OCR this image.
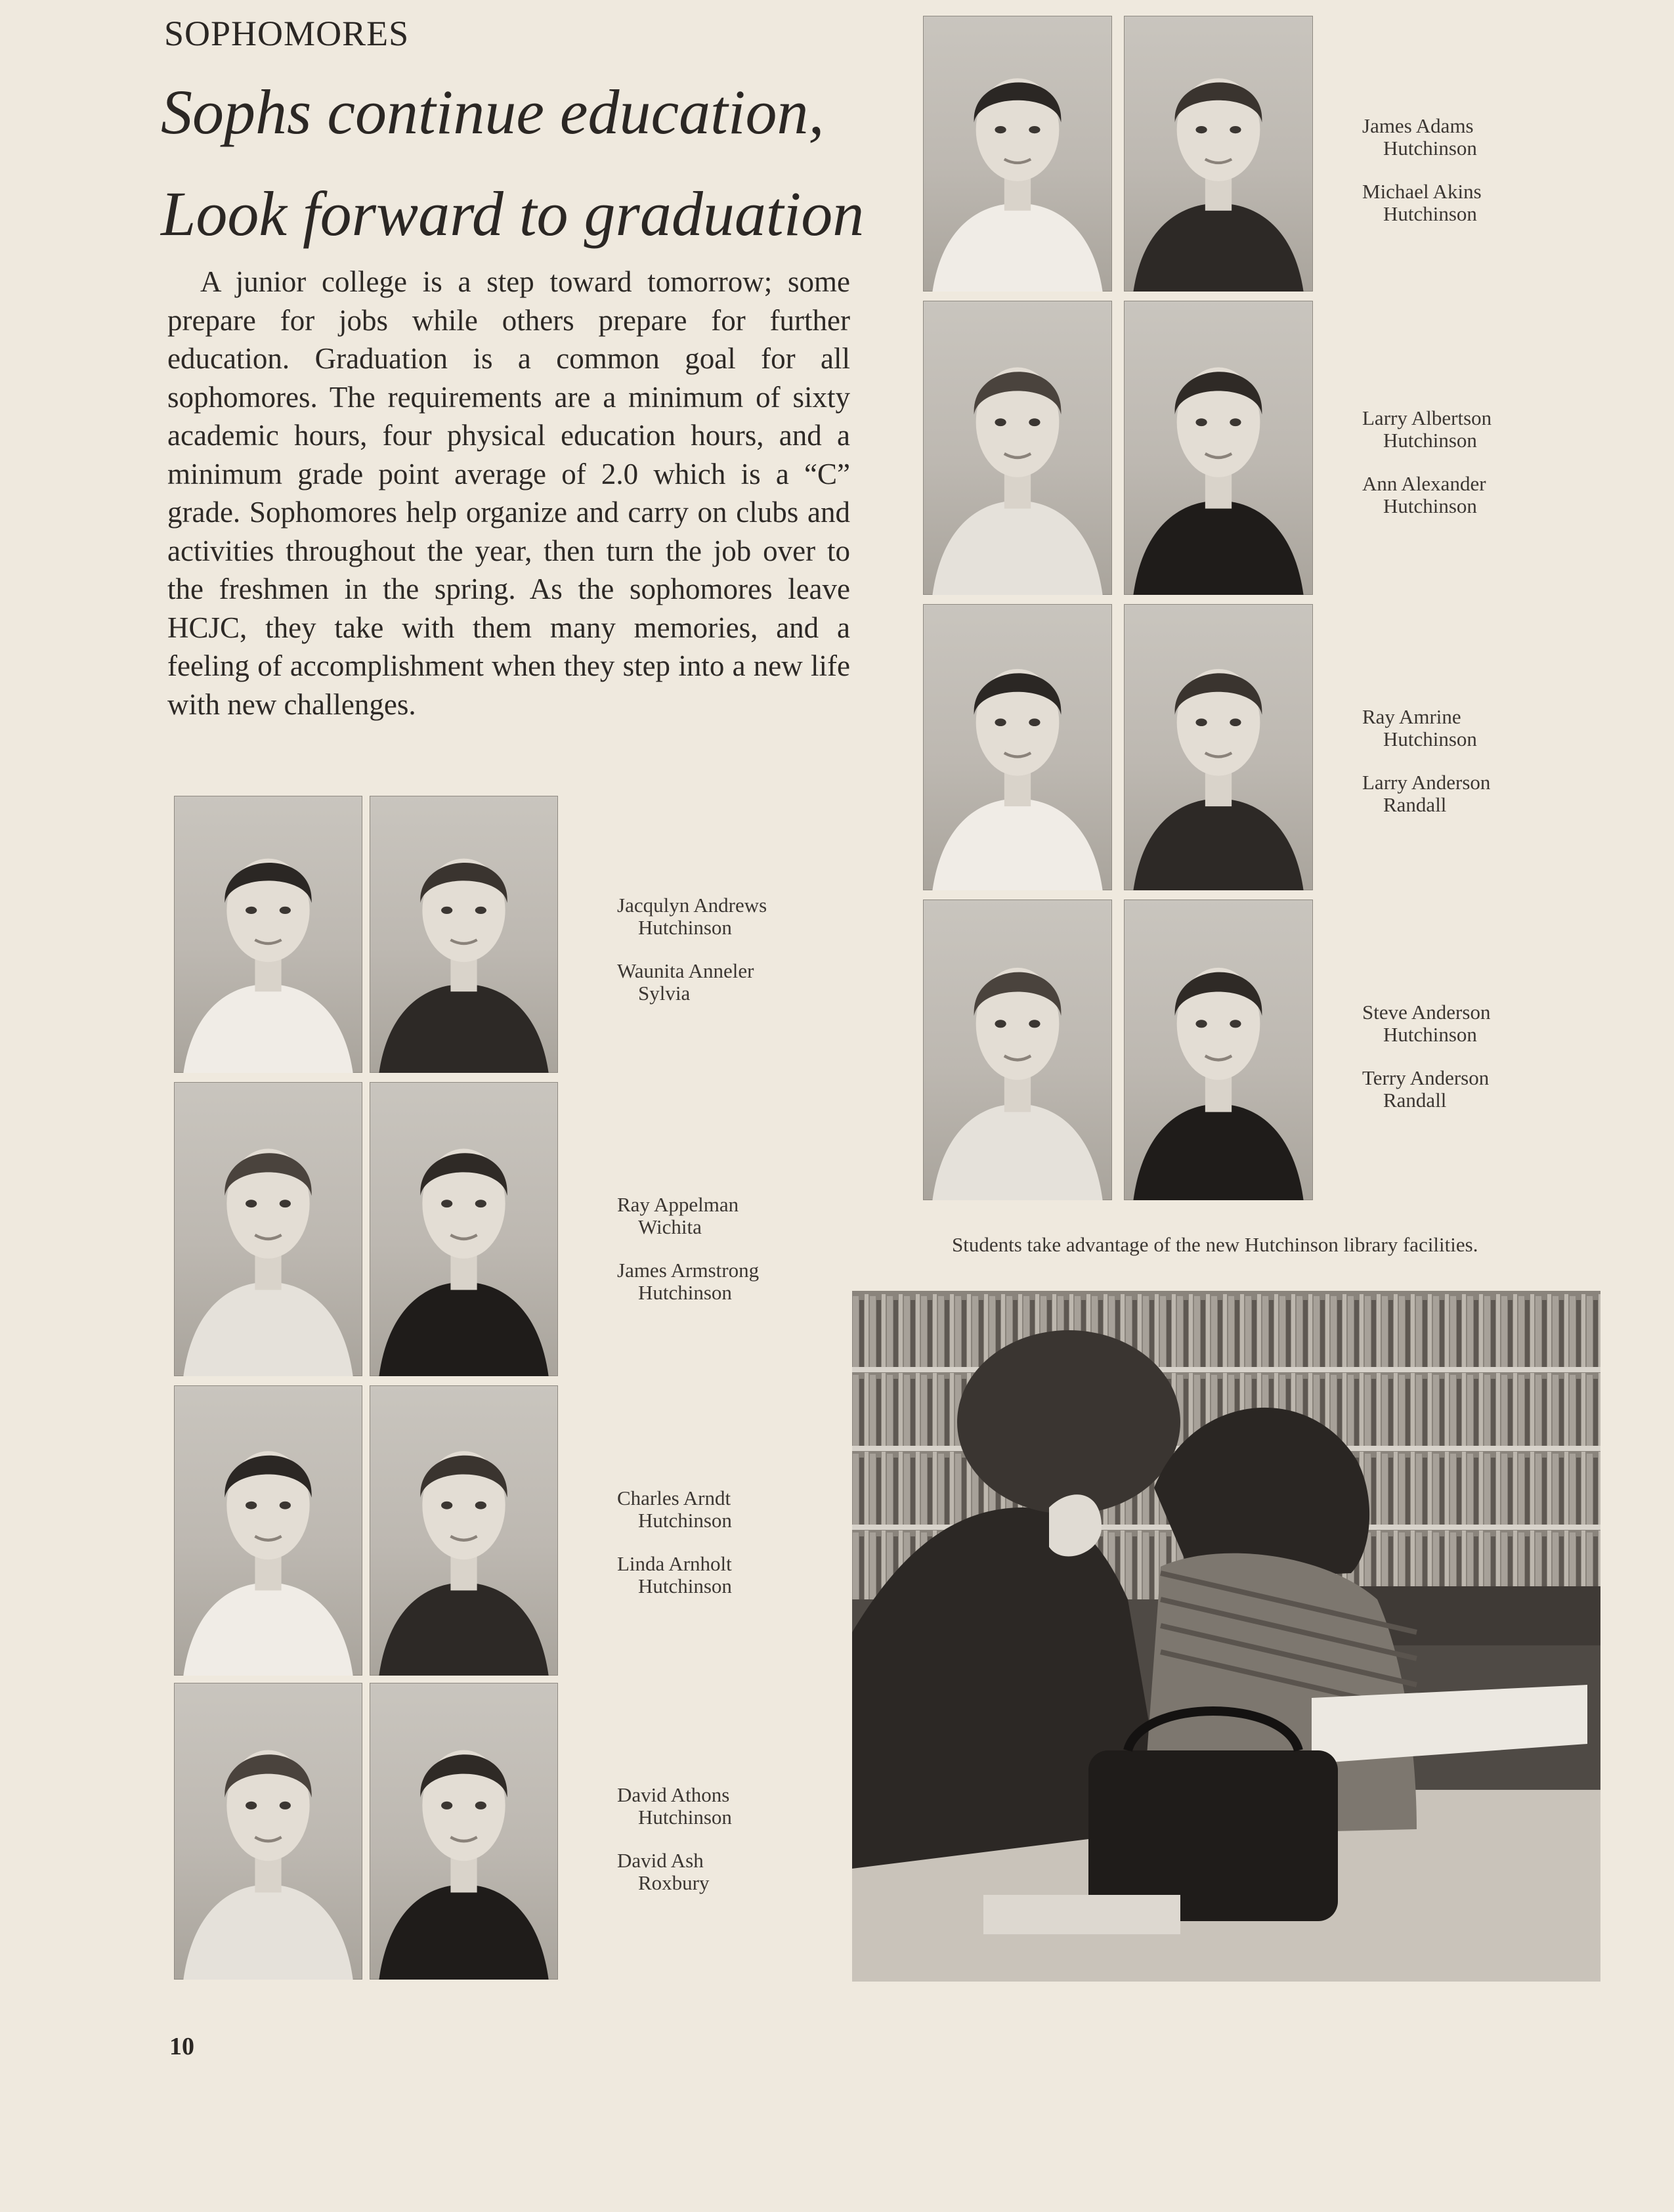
SOPHOMORES
Sophs continue education,
Look forward to graduation
A junior college is a step toward tomorrow; some prepare for jobs while others prepare for further education. Graduation is a common goal for all sophomores. The requirements are a minimum of sixty academic hours, four physical education hours, and a minimum grade point average of 2.0 which is a “C” grade. Sophomores help organize and carry on clubs and activities throughout the year, then turn the job over to the freshmen in the spring. As the sophomores leave HCJC, they take with them many memories, and a feeling of accomplishment when they step into a new life with new challenges.
James Adams
Hutchinson
Michael Akins
Hutchinson
Larry Albertson
Hutchinson
Ann Alexander
Hutchinson
Ray Amrine
Hutchinson
Larry Anderson
Randall
Steve Anderson
Hutchinson
Terry Anderson
Randall
Jacqulyn Andrews
Hutchinson
Waunita Anneler
Sylvia
Ray Appelman
Wichita
James Armstrong
Hutchinson
Charles Arndt
Hutchinson
Linda Arnholt
Hutchinson
David Athons
Hutchinson
David Ash
Roxbury
Students take advantage of the new Hutchinson library facilities.
10
